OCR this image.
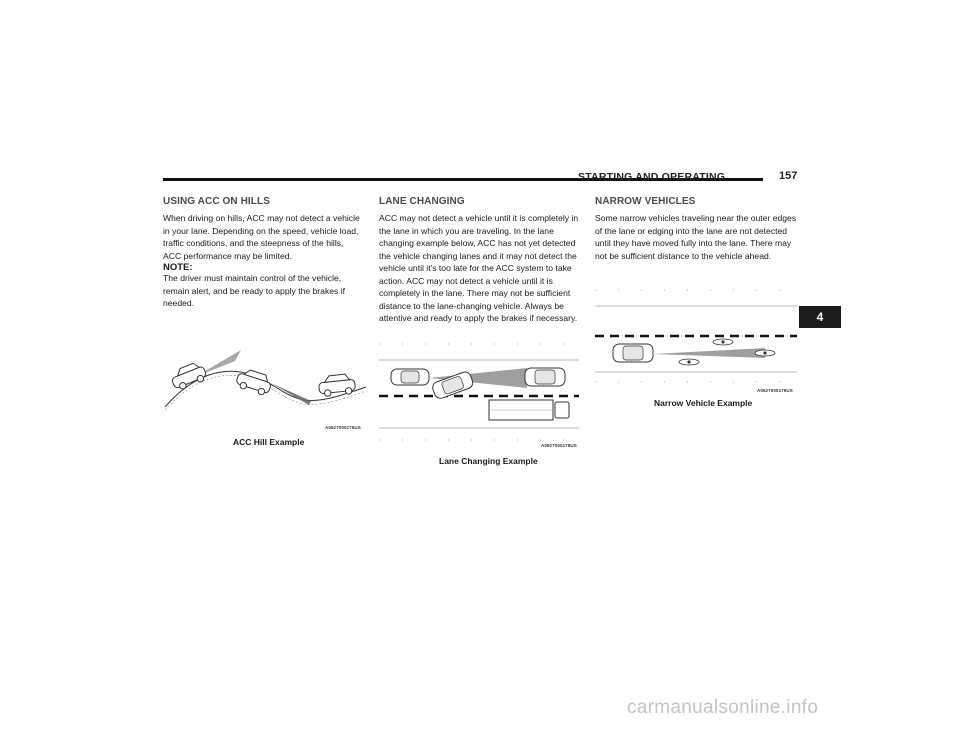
STARTING AND OPERATING	157
4
USING ACC ON HILLS
When driving on hills, ACC may not detect a vehicle in your lane. Depending on the speed, vehicle load, traffic conditions, and the steepness of the hills, ACC performance may be limited.
NOTE:
The driver must maintain control of the vehicle, remain alert, and be ready to apply the brakes if needed.
A0627000175US
ACC Hill Example
LANE CHANGING
ACC may not detect a vehicle until it is completely in the lane in which you are traveling. In the lane changing example below, ACC has not yet detected the vehicle changing lanes and it may not detect the vehicle until it's too late for the ACC system to take action. ACC may not detect a vehicle until it is completely in the lane. There may not be sufficient distance to the lane-changing vehicle. Always be attentive and ready to apply the brakes if necessary.
A0627000178US
Lane Changing Example
NARROW VEHICLES
Some narrow vehicles traveling near the outer edges of the lane or edging into the lane are not detected until they have moved fully into the lane. There may not be sufficient distance to the vehicle ahead.
A0627000179US
Narrow Vehicle Example
carmanualsonline.info
